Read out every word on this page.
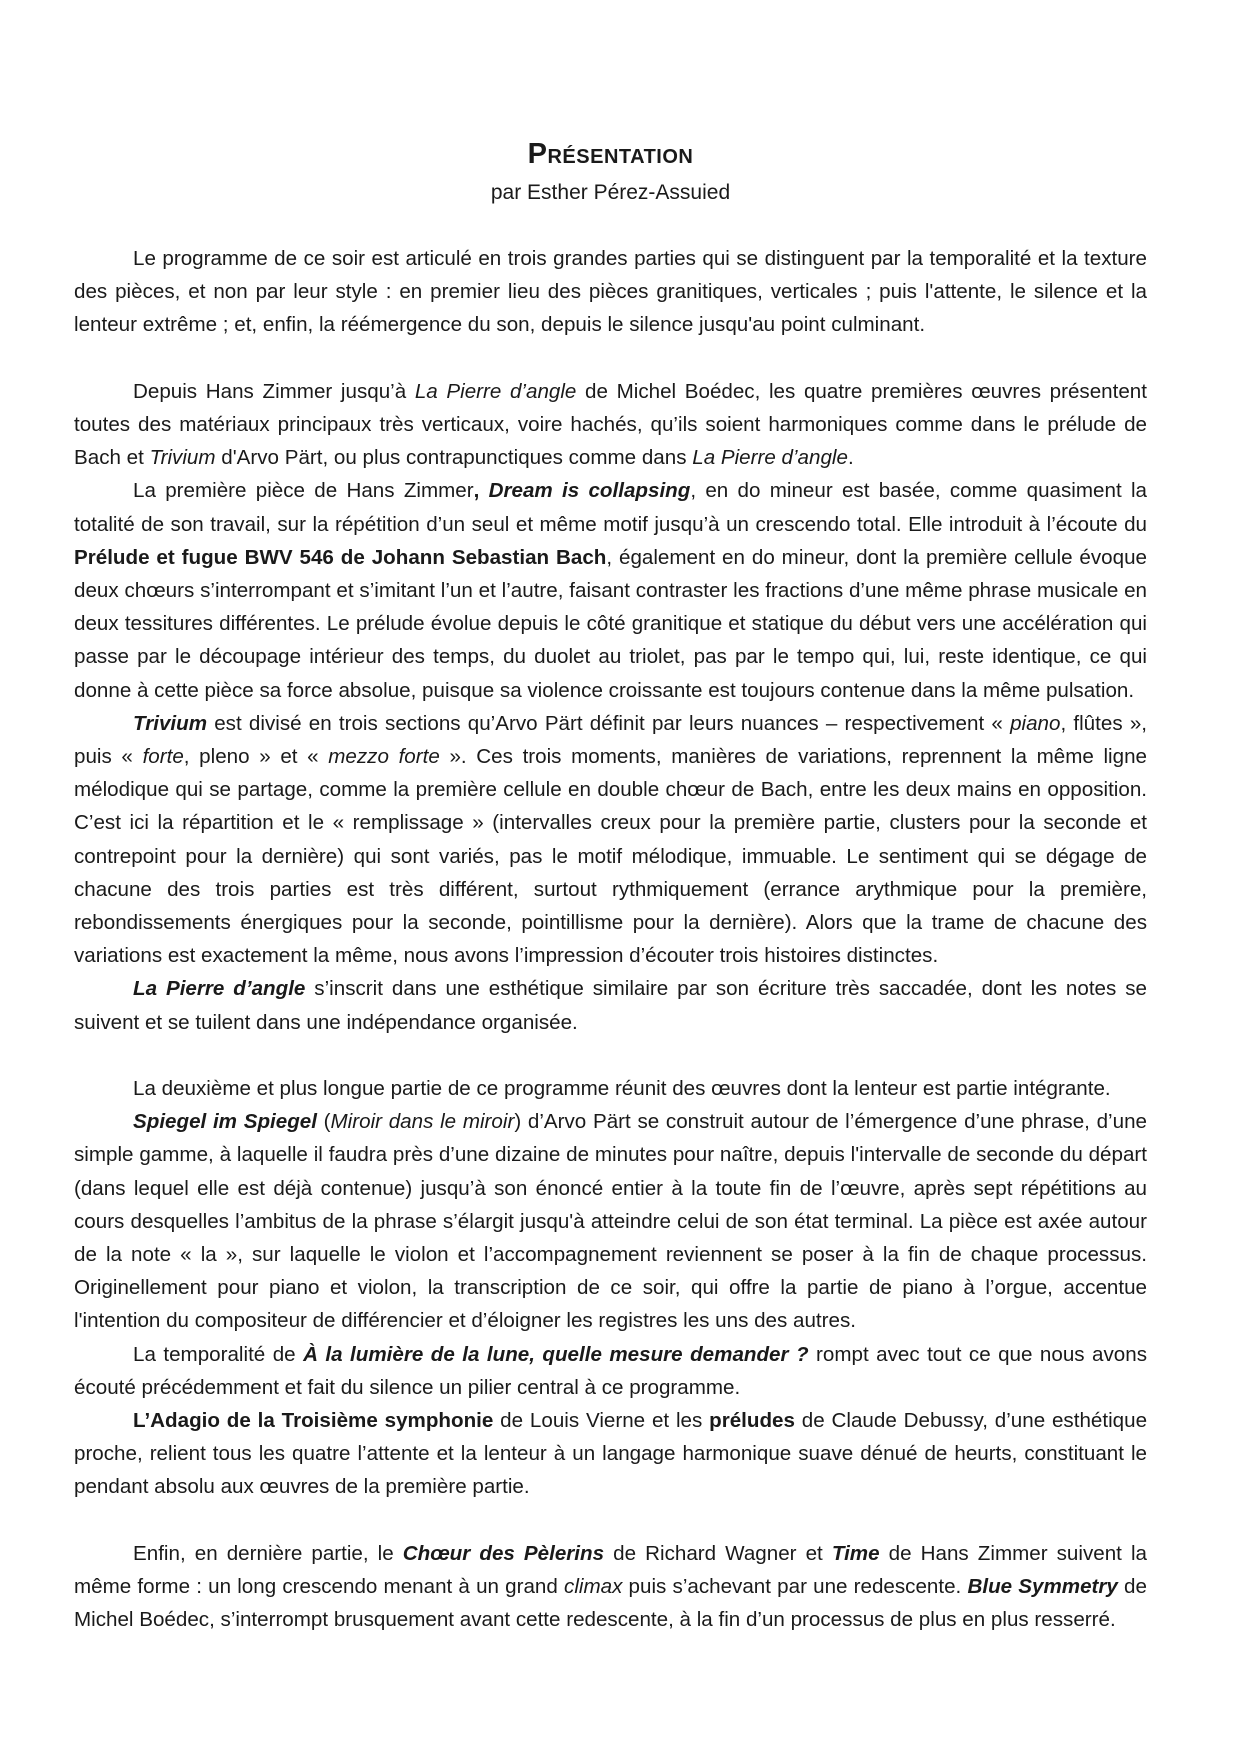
Présentation
par Esther Pérez-Assuied

Le programme de ce soir est articulé en trois grandes parties qui se distinguent par la temporalité et la texture des pièces, et non par leur style : en premier lieu des pièces granitiques, verticales ; puis l'attente, le silence et la lenteur extrême ; et, enfin, la réémergence du son, depuis le silence jusqu'au point culminant.

Depuis Hans Zimmer jusqu’à La Pierre d’angle de Michel Boédec, les quatre premières œuvres présentent toutes des matériaux principaux très verticaux, voire hachés, qu’ils soient harmoniques comme dans le prélude de Bach et Trivium d'Arvo Pärt, ou plus contrapunctiques comme dans La Pierre d’angle.

La première pièce de Hans Zimmer, Dream is collapsing, en do mineur est basée, comme quasiment la totalité de son travail, sur la répétition d’un seul et même motif jusqu’à un crescendo total. Elle introduit à l’écoute du Prélude et fugue BWV 546 de Johann Sebastian Bach, également en do mineur, dont la première cellule évoque deux chœurs s’interrompant et s’imitant l’un et l’autre, faisant contraster les fractions d’une même phrase musicale en deux tessitures différentes. Le prélude évolue depuis le côté granitique et statique du début vers une accélération qui passe par le découpage intérieur des temps, du duolet au triolet, pas par le tempo qui, lui, reste identique, ce qui donne à cette pièce sa force absolue, puisque sa violence croissante est toujours contenue dans la même pulsation.

Trivium est divisé en trois sections qu’Arvo Pärt définit par leurs nuances – respectivement « piano, flûtes », puis « forte, pleno » et « mezzo forte ». Ces trois moments, manières de variations, reprennent la même ligne mélodique qui se partage, comme la première cellule en double chœur de Bach, entre les deux mains en opposition. C’est ici la répartition et le « remplissage » (intervalles creux pour la première partie, clusters pour la seconde et contrepoint pour la dernière) qui sont variés, pas le motif mélodique, immuable. Le sentiment qui se dégage de chacune des trois parties est très différent, surtout rythmiquement (errance arythmique pour la première, rebondissements énergiques pour la seconde, pointillisme pour la dernière). Alors que la trame de chacune des variations est exactement la même, nous avons l’impression d’écouter trois histoires distinctes.

La Pierre d’angle s’inscrit dans une esthétique similaire par son écriture très saccadée, dont les notes se suivent et se tuilent dans une indépendance organisée.

La deuxième et plus longue partie de ce programme réunit des œuvres dont la lenteur est partie intégrante.

Spiegel im Spiegel (Miroir dans le miroir) d’Arvo Pärt se construit autour de l’émergence d’une phrase, d’une simple gamme, à laquelle il faudra près d’une dizaine de minutes pour naître, depuis l'intervalle de seconde du départ (dans lequel elle est déjà contenue) jusqu’à son énoncé entier à la toute fin de l’œuvre, après sept répétitions au cours desquelles l’ambitus de la phrase s’élargit jusqu'à atteindre celui de son état terminal. La pièce est axée autour de la note « la », sur laquelle le violon et l’accompagnement reviennent se poser à la fin de chaque processus. Originellement pour piano et violon, la transcription de ce soir, qui offre la partie de piano à l’orgue, accentue l'intention du compositeur de différencier et d’éloigner les registres les uns des autres.

La temporalité de À la lumière de la lune, quelle mesure demander ? rompt avec tout ce que nous avons écouté précédemment et fait du silence un pilier central à ce programme.

L’Adagio de la Troisième symphonie de Louis Vierne et les préludes de Claude Debussy, d’une esthétique proche, relient tous les quatre l’attente et la lenteur à un langage harmonique suave dénué de heurts, constituant le pendant absolu aux œuvres de la première partie.

Enfin, en dernière partie, le Chœur des Pèlerins de Richard Wagner et Time de Hans Zimmer suivent la même forme : un long crescendo menant à un grand climax puis s’achevant par une redescente. Blue Symmetry de Michel Boédec, s’interrompt brusquement avant cette redescente, à la fin d’un processus de plus en plus resserré.
